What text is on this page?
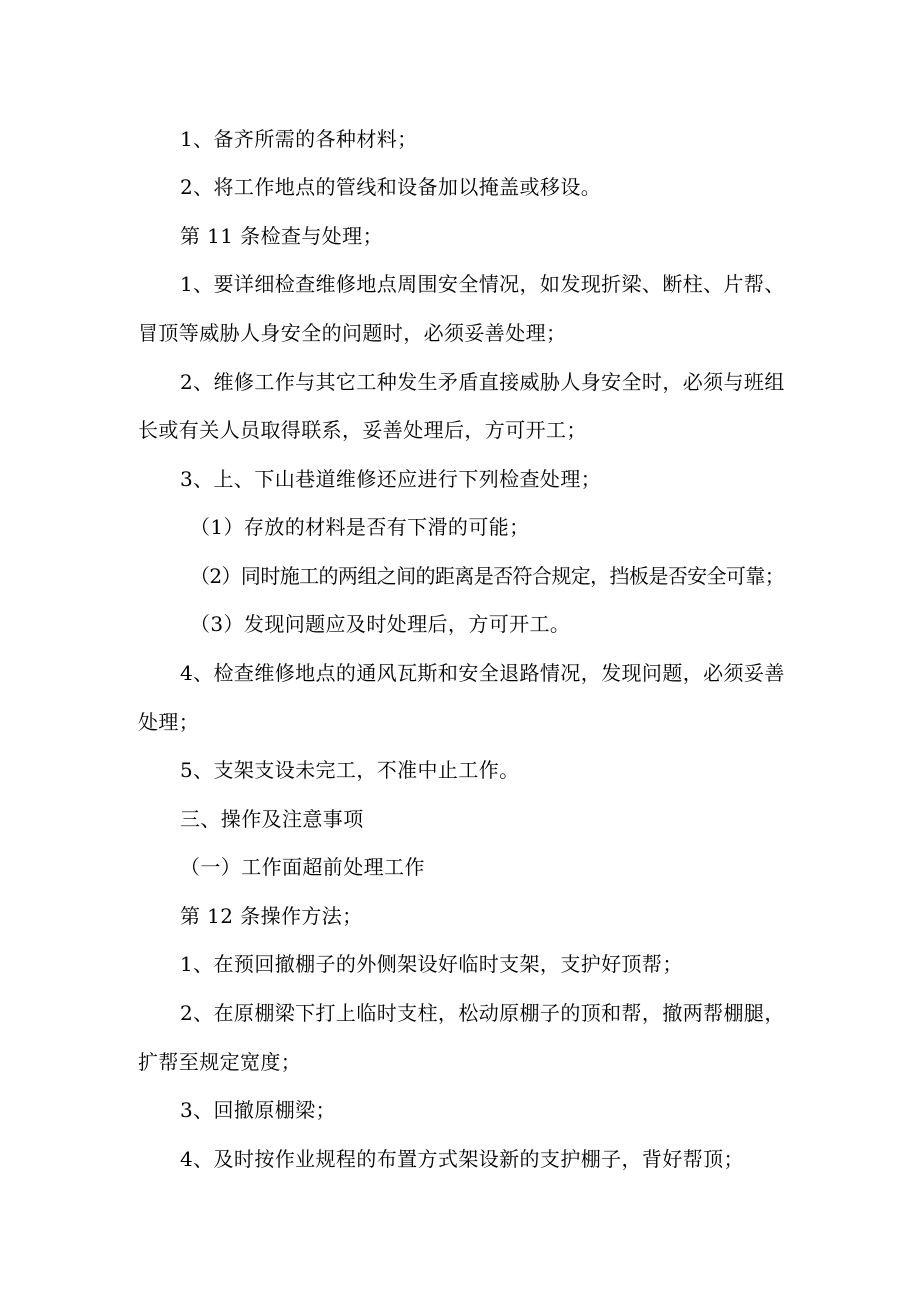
1、备齐所需的各种材料；
2、将工作地点的管线和设备加以掩盖或移设。
第 11 条检查与处理；
1、要详细检查维修地点周围安全情况，如发现折梁、断柱、片帮、
冒顶等威胁人身安全的问题时，必须妥善处理；
2、维修工作与其它工种发生矛盾直接威胁人身安全时，必须与班组
长或有关人员取得联系，妥善处理后，方可开工；
3、上、下山巷道维修还应进行下列检查处理；
（1）存放的材料是否有下滑的可能；
（2）同时施工的两组之间的距离是否符合规定，挡板是否安全可靠；
（3）发现问题应及时处理后，方可开工。
4、检查维修地点的通风瓦斯和安全退路情况，发现问题，必须妥善
处理；
5、支架支设未完工，不准中止工作。
三、操作及注意事项
（一）工作面超前处理工作
第 12 条操作方法；
1、在预回撤棚子的外侧架设好临时支架，支护好顶帮；
2、在原棚梁下打上临时支柱，松动原棚子的顶和帮，撤两帮棚腿，
扩帮至规定宽度；
3、回撤原棚梁；
4、及时按作业规程的布置方式架设新的支护棚子，背好帮顶；
